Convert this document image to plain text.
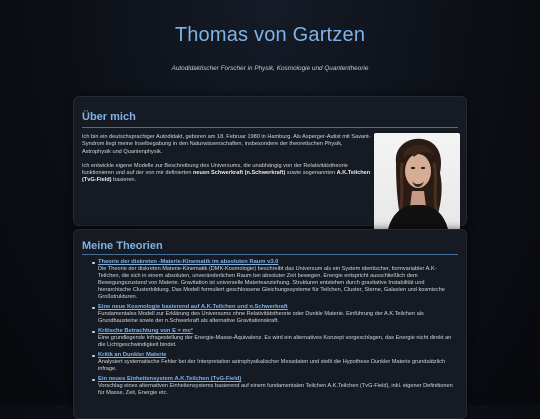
Thomas von Gartzen
Autodidaktischer Forscher in Physik, Kosmologie und Quantentheorie
Über mich

Ich bin ein deutschsprachiger Autodidakt, geboren am 18. Februar 1980 in Hamburg. Als Asperger-Autist mit Savant-Syndrom liegt meine Inselbegabung in den Naturwissenschaften, insbesondere der theoretischen Physik, Astrophysik und Quantenphysik.

Ich entwickle eigene Modelle zur Beschreibung des Universums, die unabhängig von der Relativitätstheorie funktionieren und auf der von mir definierten neuen Schwerkraft (n.Schwerkraft) sowie sogenannten A.K.Teilchen (TvG-Field) basieren.

Meine Theorien
Theorie der diskreten -Materie-Kinematik im absoluten Raum v3.0
Die Theorie der diskreten Materie-Kinematik (DMK-Kosmologie) beschreibt das Universum als ein System identischer, formvariabler A.K-Teilchen, die sich in einem absoluten, unveränderlichen Raum bei absoluter Zeit bewegen. Energie entspricht ausschließlich dem Bewegungszustand von Materie. Gravitation ist universelle Materieanziehung. Strukturen entstehen durch gravitative Instabilität und hierarchische Clusterbildung. Das Modell formuliert geschlossene Gleichungssysteme für Teilchen, Cluster, Sterne, Galaxien und kosmische Großstrukturen.
Eine neue Kosmologie basierend auf A.K.Teilchen und n.Schwerkraft
Fundamentales Modell zur Erklärung des Universums ohne Relativitätstheorie oder Dunkle Materie. Einführung der A.K.Teilchen als Grundbausteine sowie der n.Schwerkraft als alternative Gravitationskraft.
Kritische Betrachtung von E = mc²
Eine grundlegende Infragestellung der Energie-Masse-Äquivalenz. Es wird ein alternatives Konzept vorgeschlagen, das Energie nicht direkt an die Lichtgeschwindigkeit bindet.
Kritik an Dunkler Materie
Analysiert systematische Fehler bei der Interpretation astrophysikalischer Messdaten und stellt die Hypothese Dunkler Materie grundsätzlich infrage.
Ein neues Einheitensystem A.K.Teilchen (TvG-Field)
Vorschlag eines alternativen Einheitensystems basierend auf einem fundamentalen Teilchen A.K.Teilchen (TvG-Field), inkl. eigener Definitionen für Masse, Zeit, Energie etc.
